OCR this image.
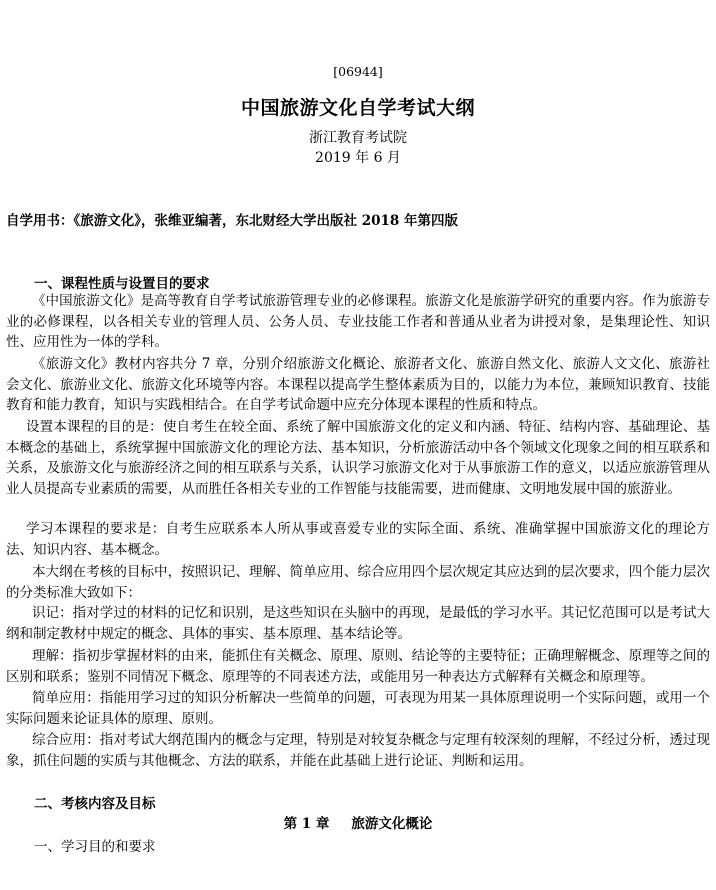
[06944]
中国旅游文化自学考试大纲
浙江教育考试院
2019 年 6 月
自学用书：《旅游文化》，张维亚编著，东北财经大学出版社 2018 年第四版
一、课程性质与设置目的要求
《中国旅游文化》是高等教育自学考试旅游管理专业的必修课程。旅游文化是旅游学研究的重要内容。作为旅游专业的必修课程，以各相关专业的管理人员、公务人员、专业技能工作者和普通从业者为讲授对象，是集理论性、知识性、应用性为一体的学科。
《旅游文化》教材内容共分 7 章，分别介绍旅游文化概论、旅游者文化、旅游自然文化、旅游人文文化、旅游社会文化、旅游业文化、旅游文化环境等内容。本课程以提高学生整体素质为目的，以能力为本位，兼顾知识教育、技能教育和能力教育，知识与实践相结合。在自学考试命题中应充分体现本课程的性质和特点。
设置本课程的目的是：使自考生在较全面、系统了解中国旅游文化的定义和内涵、特征、结构内容、基础理论、基本概念的基础上，系统掌握中国旅游文化的理论方法、基本知识，分析旅游活动中各个领域文化现象之间的相互联系和关系，及旅游文化与旅游经济之间的相互联系与关系，认识学习旅游文化对于从事旅游工作的意义，以适应旅游管理从业人员提高专业素质的需要，从而胜任各相关专业的工作智能与技能需要，进而健康、文明地发展中国的旅游业。
学习本课程的要求是：自考生应联系本人所从事或喜爱专业的实际全面、系统、准确掌握中国旅游文化的理论方法、知识内容、基本概念。
本大纲在考核的目标中，按照识记、理解、简单应用、综合应用四个层次规定其应达到的层次要求，四个能力层次的分类标准大致如下：
识记：指对学过的材料的记忆和识别，是这些知识在头脑中的再现，是最低的学习水平。其记忆范围可以是考试大纲和制定教材中规定的概念、具体的事实、基本原理、基本结论等。
理解：指初步掌握材料的由来，能抓住有关概念、原理、原则、结论等的主要特征；正确理解概念、原理等之间的区别和联系；鉴别不同情况下概念、原理等的不同表述方法，或能用另一种表达方式解释有关概念和原理等。
简单应用：指能用学习过的知识分析解决一些简单的问题，可表现为用某一具体原理说明一个实际问题，或用一个实际问题来论证具体的原理、原则。
综合应用：指对考试大纲范围内的概念与定理，特别是对较复杂概念与定理有较深刻的理解，不经过分析，透过现象，抓住问题的实质与其他概念、方法的联系，并能在此基础上进行论证、判断和运用。
二、考核内容及目标
第 1 章 旅游文化概论
一、学习目的和要求
